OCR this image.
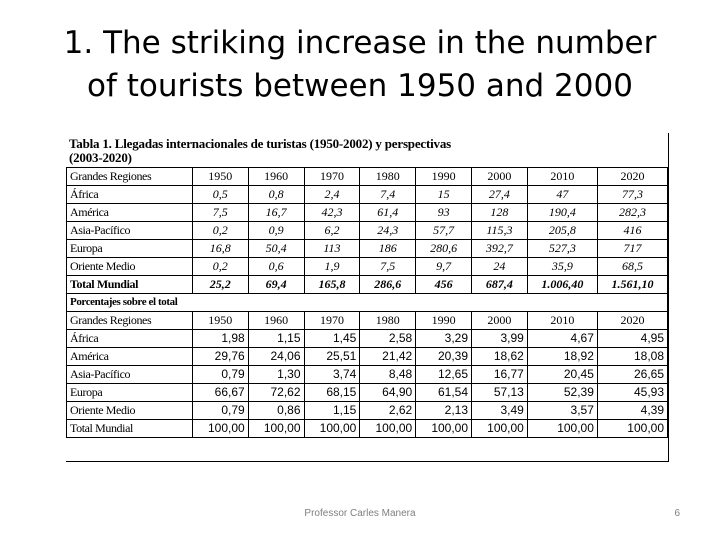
1. The striking increase in the number
of tourists between 1950 and 2000
Tabla 1. Llegadas internacionales de turistas (1950-2002) y perspectivas
(2003-2020)
Grandes Regiones	1950	1960	1970	1980	1990	2000	2010	2020
África	0,5	0,8	2,4	7,4	15	27,4	47	77,3
América	7,5	16,7	42,3	61,4	93	128	190,4	282,3
Asia-Pacífico	0,2	0,9	6,2	24,3	57,7	115,3	205,8	416
Europa	16,8	50,4	113	186	280,6	392,7	527,3	717
Oriente Medio	0,2	0,6	1,9	7,5	9,7	24	35,9	68,5
Total Mundial	25,2	69,4	165,8	286,6	456	687,4	1.006,40	1.561,10
Porcentajes sobre el total								
Grandes Regiones	1950	1960	1970	1980	1990	2000	2010	2020
África	1,98	1,15	1,45	2,58	3,29	3,99	4,67	4,95
América	29,76	24,06	25,51	21,42	20,39	18,62	18,92	18,08
Asia-Pacífico	0,79	1,30	3,74	8,48	12,65	16,77	20,45	26,65
Europa	66,67	72,62	68,15	64,90	61,54	57,13	52,39	45,93
Oriente Medio	0,79	0,86	1,15	2,62	2,13	3,49	3,57	4,39
Total Mundial	100,00	100,00	100,00	100,00	100,00	100,00	100,00	100,00
Professor Carles Manera	6
